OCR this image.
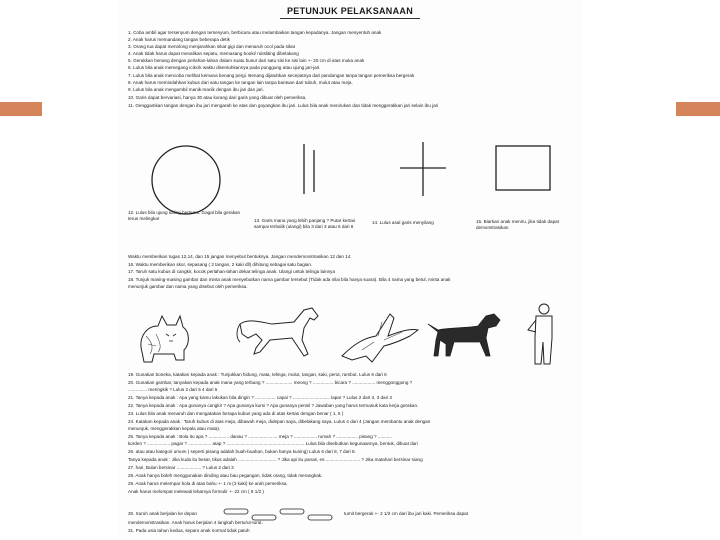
PETUNJUK PELAKSANAAN
1. Coba ambil agar tersenyum dengan tersenyum, berbicara atau melambaikan tangan kepadanya. Jangan menyentuh anak
2. Anak harus memandang tangan beberapa detik
3. Orang tua dapat menolong menjarahkan sikat gigi dan menaruh ocol pada sikat
4. Anak tidak harus dapat menalikan sepatu, memasang bonki/ ruitsliting dibelakang
5. Gerakkan benang dengan perlahan-lahan dalam suatu busur dari satu sisi ke sisi lain +- 20 cm di atas muka anak
6. Lulus bila anak memegang icikcik waktu disentuhkannya pada punggung atau ujung jari-jari.
7. Lulus bila anak mencoba melihat kemana benang pergi. Benang dijatuhkan secepatnya dari pandangan tanpa tangan pemeriksa bergerak
8. Anak harus memindahkan kubus dari satu tangan ke tangan lain tanpa bantuan dari tubuh, mulut atau meja.
9. Lulus bila anak mengambil manik-manik dengan ibu jari dan jari.
10. Garis dapat bervariasi, hanya 30 atau kurang dari garis yang dibuat oleh pemeriksa.
11. Genggamkan tangan dengan ibu jari mengarah ke atas dan goyangkan ibu jari. Lulus bila anak menirukan dan tidak menggerakkan jari selain ibu jari
12. Lulus bila ujung saling bertemu. Gagal bila gerakan terus melingkar	13. Garis mana yang lebih panjang ? Putar kertas sampai terbalik (ulangi) bila 3 dari 3 atau 6 dari 6
14. Lulus asal garis menyilang	15. Biarkan anak meniru, jika tidak dapat demonstrasikan
Waktu memberikan tugas 12,14, dan 15 jangan menyebut bentuknya. Jangan mendemonstrasikan 12 dan 14.
16. Waktu memberikan skor, sepasang ( 2 tangan, 2 kaki dll) dihitung sebagai satu bagian.
17. Taruh satu kubus di cangkir, kocok perlahan-lahan dekat telinga anak. Ulangi untuk telinga lainnya
18. Tunjuk masing-masing gambar dan minta anak menyebutkan nama gambar tersebut (Tidak ada nilai bila hanya suara). Bila 4 nama yang betul, minta anak
menunjuk gambar dan nama yang disebut oleh pemeriksa.
19. Gunakan boneka, katakan kepada anak : Tunjukkan hidung, mata, telinga, mulut, tangan, kaki, perut, rambut. Lulus 6 dari 8
20. Gunakan gambar, tanyakan kepada anak mana yang terbang ? ..................... meong ? ................ bicara ? .................. menggonggong ?
............... meringkik ? Lulus 2 dari 5 4 dari 5
21. Tanya kepada anak : Apa yang kamu lakukan bila dingin ? ................ capai ? ............................. lapar ? Lulus 2 dari 3, 3 dari 3
22. Tanya kepada anak : Apa gunanya cangkir ? Apa gunanya kursi ? Apa gunanya pensil ? Jawaban yang harus termasuk kata kerja gerakan.
23. Lulus bila anak menaruh dan mengatakan berapa kubus yang ada di atas kertas dengan benar ( 1, 5 )
24. Katakan kepada anak : Taruh kubus di atas meja, dibawah meja, didepan saya, dibelakang saya. Lulus 4 dari 4 (Jangan membantu anak dengan
menunjuk, menggerakkan kepala atau mata).
25. Tanya kepada anak : Bola itu apa ? ................ danau ? ....................... meja ? .................. rumah ? ................. pisang ? ...........
korden ? .................. pagar ? .................. atap ? ............................................................. Lulus bila disebutkan kegunaannya, bentuk, dibuat dari
26. atau atau kategori umum ( seperti pisang adalah buah-buahan, bukan hanya kuning) Lulus 6 dari 8, 7 dari 8.
Tanya kepada anak : Jika kuda itu besar, tikus adalah .............................. ? Jika api itu panas, es ........................... ? Jika matahari bersinar siang
27. hari, Bulan bersinar ................... ? Lulus 2 dari 3
28. Anak hanya boleh menggunakan dinding atau bau pegangan, tidak orang, tidak merangkak.
29. Anak harus melempar bola di atas bahu +- 1 m (3 kaki) ke arah pemeriksa.
Anak harus melompat melewati lebarnya formulir +- 22 cm ( 8 1/2 )
30. Suruh anak berjalan ke depan	tumit bergerak +- 2 1/2 cm dari ibu jari kaki. Pemeriksa dapat
mendemonstrasikan. Anak harus berjalan 4 langkah berturut-turut.
31. Pada usia tahun kedua, separo anak normal tidak patuh
